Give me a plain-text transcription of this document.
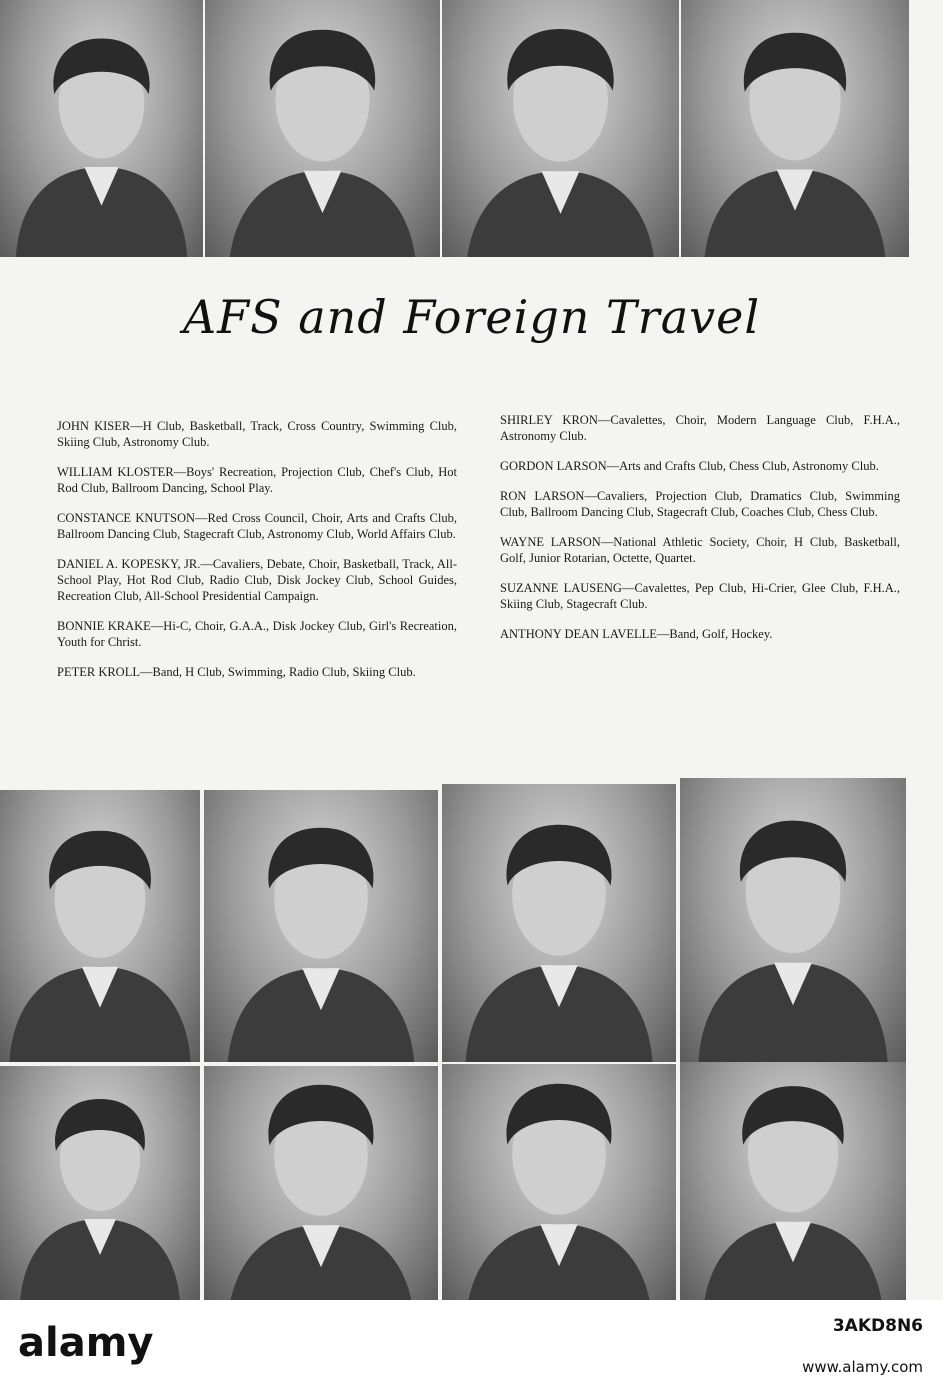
AFS and Foreign Travel

JOHN KISER—H Club, Basketball, Track, Cross Country, Swimming Club, Skiing Club, Astronomy Club.

WILLIAM KLOSTER—Boys' Recreation, Projection Club, Chef's Club, Hot Rod Club, Ballroom Dancing, School Play.

CONSTANCE KNUTSON—Red Cross Council, Choir, Arts and Crafts Club, Ballroom Dancing Club, Stagecraft Club, Astronomy Club, World Affairs Club.

DANIEL A. KOPESKY, JR.—Cavaliers, Debate, Choir, Basketball, Track, All-School Play, Hot Rod Club, Radio Club, Disk Jockey Club, School Guides, Recreation Club, All-School Presidential Campaign.

BONNIE KRAKE—Hi-C, Choir, G.A.A., Disk Jockey Club, Girl's Recreation, Youth for Christ.

PETER KROLL—Band, H Club, Swimming, Radio Club, Skiing Club.

SHIRLEY KRON—Cavalettes, Choir, Modern Language Club, F.H.A., Astronomy Club.

GORDON LARSON—Arts and Crafts Club, Chess Club, Astronomy Club.

RON LARSON—Cavaliers, Projection Club, Dramatics Club, Swimming Club, Ballroom Dancing Club, Stagecraft Club, Coaches Club, Chess Club.

WAYNE LARSON—National Athletic Society, Choir, H Club, Basketball, Golf, Junior Rotarian, Octette, Quartet.

SUZANNE LAUSENG—Cavalettes, Pep Club, Hi-Crier, Glee Club, F.H.A., Skiing Club, Stagecraft Club.

ANTHONY DEAN LAVELLE—Band, Golf, Hockey.

alamy	3AKD8N6
www.alamy.com
